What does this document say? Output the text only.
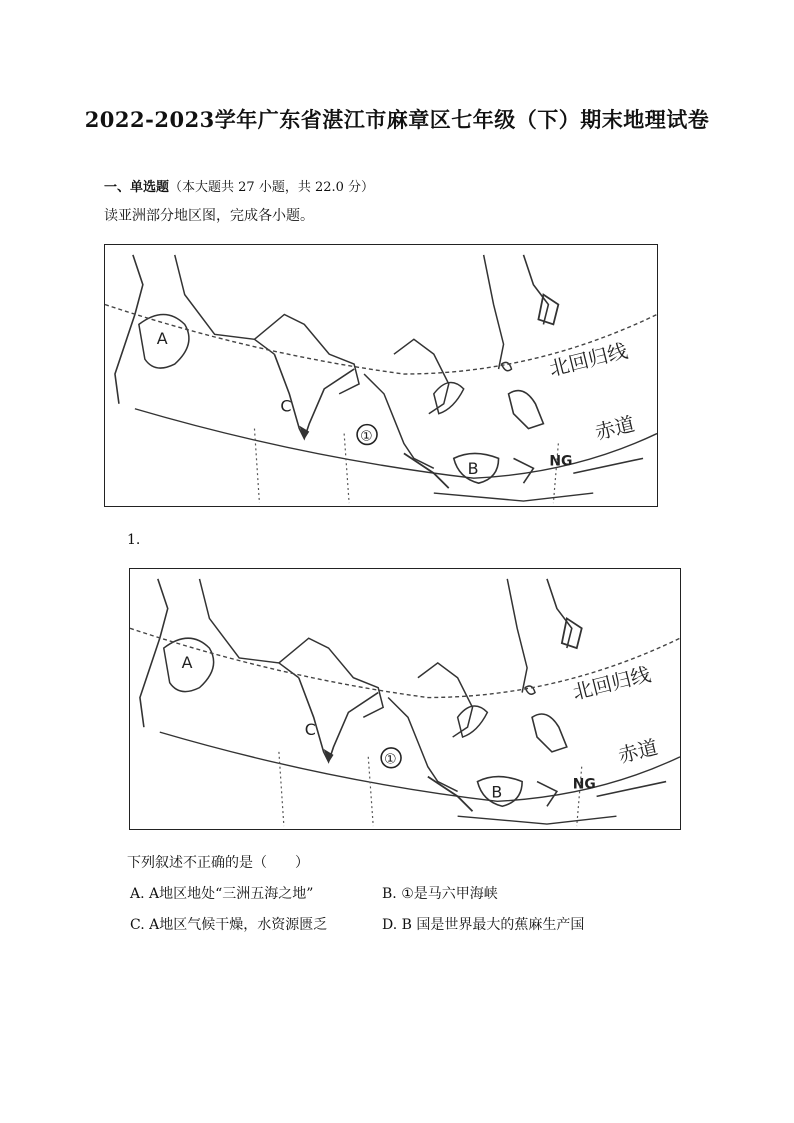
2022-2023学年广东省湛江市麻章区七年级（下）期末地理试卷
一、单选题（本大题共 27 小题，共 22.0 分）
读亚洲部分地区图，完成各小题。
A
C
①
B	NG
北回归线
赤道
1.
A
C
①
B	NG
北回归线
赤道
下列叙述不正确的是（　　）
A. A地区地处“三洲五海之地”	B. ①是马六甲海峡
C. A地区气候干燥，水资源匮乏	D. B 国是世界最大的蕉麻生产国
